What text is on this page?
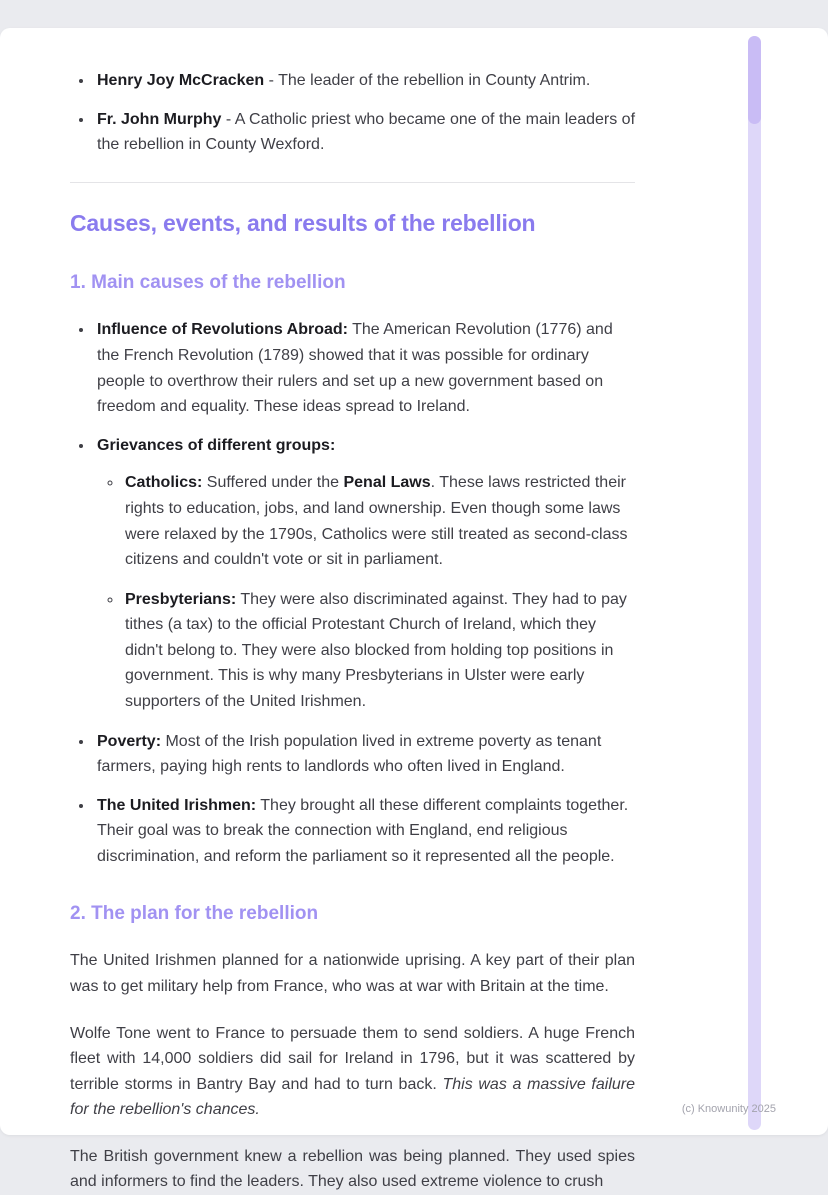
• Henry Joy McCracken - The leader of the rebellion in County Antrim.
• Fr. John Murphy - A Catholic priest who became one of the main leaders of the rebellion in County Wexford.
Causes, events, and results of the rebellion
1. Main causes of the rebellion
• Influence of Revolutions Abroad: The American Revolution (1776) and the French Revolution (1789) showed that it was possible for ordinary people to overthrow their rulers and set up a new government based on freedom and equality. These ideas spread to Ireland.
• Grievances of different groups:
◦ Catholics: Suffered under the Penal Laws. These laws restricted their rights to education, jobs, and land ownership. Even though some laws were relaxed by the 1790s, Catholics were still treated as second-class citizens and couldn't vote or sit in parliament.
◦ Presbyterians: They were also discriminated against. They had to pay tithes (a tax) to the official Protestant Church of Ireland, which they didn't belong to. They were also blocked from holding top positions in government. This is why many Presbyterians in Ulster were early supporters of the United Irishmen.
• Poverty: Most of the Irish population lived in extreme poverty as tenant farmers, paying high rents to landlords who often lived in England.
• The United Irishmen: They brought all these different complaints together. Their goal was to break the connection with England, end religious discrimination, and reform the parliament so it represented all the people.
2. The plan for the rebellion

The United Irishmen planned for a nationwide uprising. A key part of their plan was to get military help from France, who was at war with Britain at the time.

Wolfe Tone went to France to persuade them to send soldiers. A huge French fleet with 14,000 soldiers did sail for Ireland in 1796, but it was scattered by terrible storms in Bantry Bay and had to turn back. This was a massive failure for the rebellion's chances.

The British government knew a rebellion was being planned. They used spies and informers to find the leaders. They also used extreme violence to crush

(c) Knowunity 2025
